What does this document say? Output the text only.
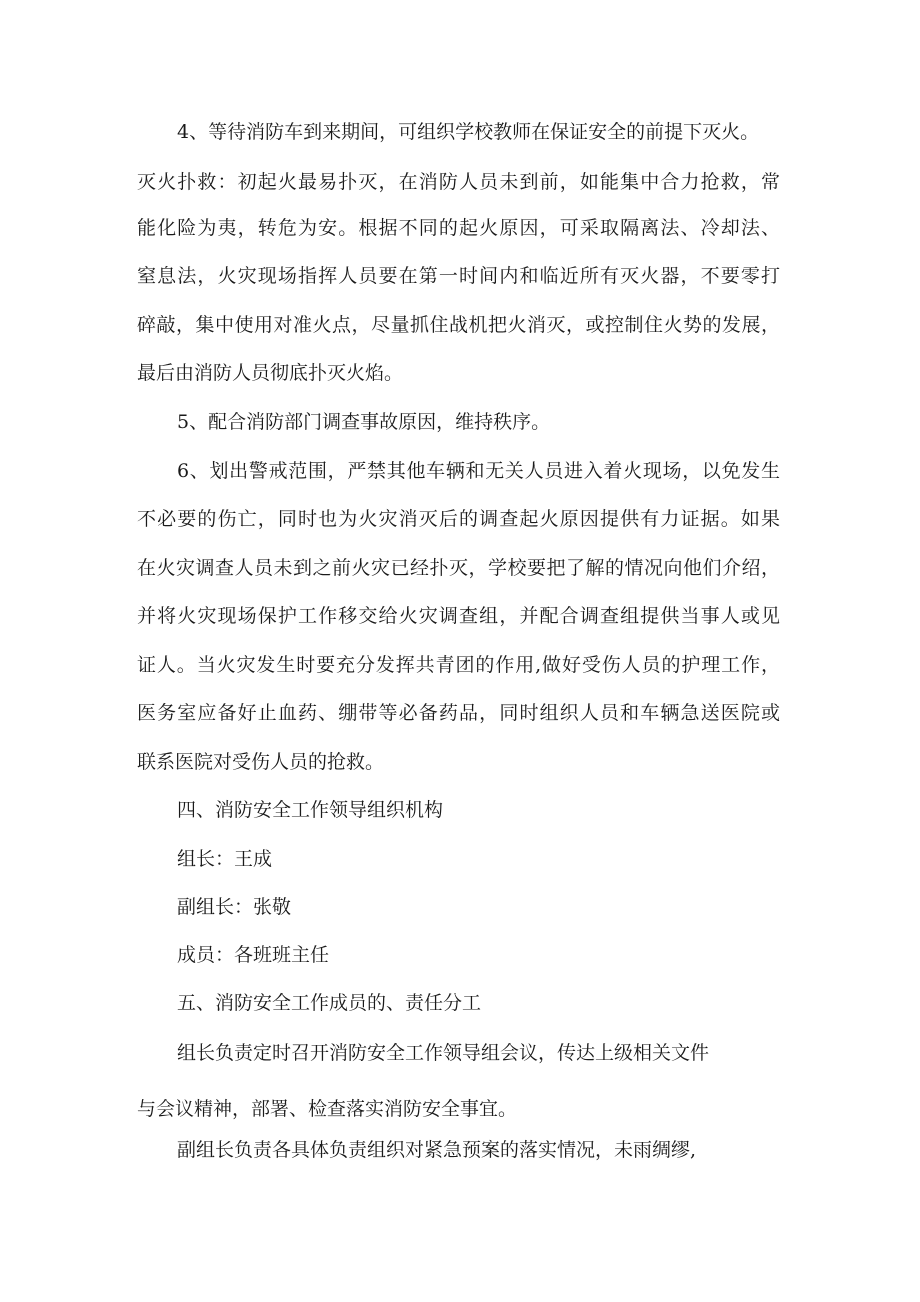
4、等待消防车到来期间，可组织学校教师在保证安全的前提下灭火。
灭火扑救：初起火最易扑灭，在消防人员未到前，如能集中合力抢救，常
能化险为夷，转危为安。根据不同的起火原因，可采取隔离法、冷却法、
窒息法，火灾现场指挥人员要在第一时间内和临近所有灭火器，不要零打
碎敲，集中使用对准火点，尽量抓住战机把火消灭，或控制住火势的发展，
最后由消防人员彻底扑灭火焰。
5、配合消防部门调查事故原因，维持秩序。
6、划出警戒范围，严禁其他车辆和无关人员进入着火现场，以免发生
不必要的伤亡，同时也为火灾消灭后的调查起火原因提供有力证据。如果
在火灾调查人员未到之前火灾已经扑灭，学校要把了解的情况向他们介绍，
并将火灾现场保护工作移交给火灾调查组，并配合调查组提供当事人或见
证人。当火灾发生时要充分发挥共青团的作用,做好受伤人员的护理工作，
医务室应备好止血药、绷带等必备药品，同时组织人员和车辆急送医院或
联系医院对受伤人员的抢救。
四、消防安全工作领导组织机构
组长：王成
副组长：张敬
成员：各班班主任
五、消防安全工作成员的、责任分工
组长负责定时召开消防安全工作领导组会议，传达上级相关文件
与会议精神，部署、检查落实消防安全事宜。
副组长负责各具体负责组织对紧急预案的落实情况，未雨绸缪,
